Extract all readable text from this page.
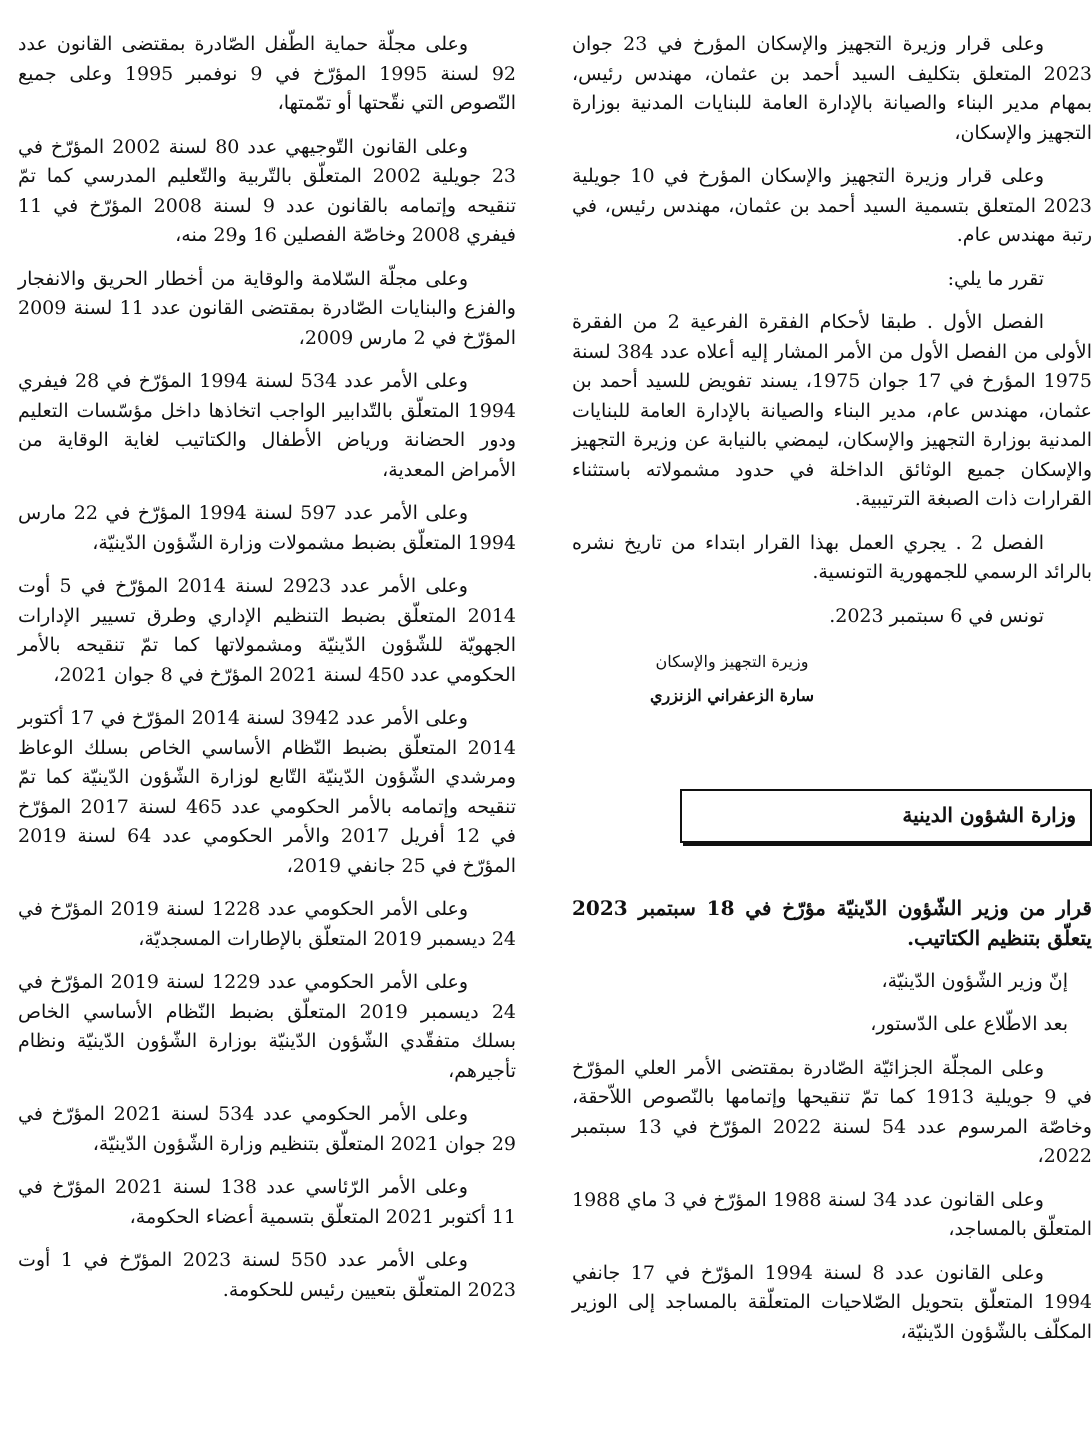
وعلى مجلّة حماية الطّفل الصّادرة بمقتضى القانون عدد 92 لسنة 1995 المؤرّخ في 9 نوفمبر 1995 وعلى جميع النّصوص التي نقّحتها أو تمّمتها،

وعلى القانون التّوجيهي عدد 80 لسنة 2002 المؤرّخ في 23 جويلية 2002 المتعلّق بالتّربية والتّعليم المدرسي كما تمّ تنقيحه وإتمامه بالقانون عدد 9 لسنة 2008 المؤرّخ في 11 فيفري 2008 وخاصّة الفصلين 16 و29 منه،

وعلى مجلّة السّلامة والوقاية من أخطار الحريق والانفجار والفزع والبنايات الصّادرة بمقتضى القانون عدد 11 لسنة 2009 المؤرّخ في 2 مارس 2009،

وعلى الأمر عدد 534 لسنة 1994 المؤرّخ في 28 فيفري 1994 المتعلّق بالتّدابير الواجب اتخاذها داخل مؤسّسات التعليم ودور الحضانة ورياض الأطفال والكتاتيب لغاية الوقاية من الأمراض المعدية،

وعلى الأمر عدد 597 لسنة 1994 المؤرّخ في 22 مارس 1994 المتعلّق بضبط مشمولات وزارة الشّؤون الدّينيّة،

وعلى الأمر عدد 2923 لسنة 2014 المؤرّخ في 5 أوت 2014 المتعلّق بضبط التنظيم الإداري وطرق تسيير الإدارات الجهويّة للشّؤون الدّينيّة ومشمولاتها كما تمّ تنقيحه بالأمر الحكومي عدد 450 لسنة 2021 المؤرّخ في 8 جوان 2021،

وعلى الأمر عدد 3942 لسنة 2014 المؤرّخ في 17 أكتوبر 2014 المتعلّق بضبط النّظام الأساسي الخاص بسلك الوعاظ ومرشدي الشّؤون الدّينيّة التّابع لوزارة الشّؤون الدّينيّة كما تمّ تنقيحه وإتمامه بالأمر الحكومي عدد 465 لسنة 2017 المؤرّخ في 12 أفريل 2017 والأمر الحكومي عدد 64 لسنة 2019 المؤرّخ في 25 جانفي 2019،

وعلى الأمر الحكومي عدد 1228 لسنة 2019 المؤرّخ في 24 ديسمبر 2019 المتعلّق بالإطارات المسجديّة،

وعلى الأمر الحكومي عدد 1229 لسنة 2019 المؤرّخ في 24 ديسمبر 2019 المتعلّق بضبط النّظام الأساسي الخاص بسلك متفقّدي الشّؤون الدّينيّة بوزارة الشّؤون الدّينيّة ونظام تأجيرهم،

وعلى الأمر الحكومي عدد 534 لسنة 2021 المؤرّخ في 29 جوان 2021 المتعلّق بتنظيم وزارة الشّؤون الدّينيّة،

وعلى الأمر الرّئاسي عدد 138 لسنة 2021 المؤرّخ في 11 أكتوبر 2021 المتعلّق بتسمية أعضاء الحكومة،

وعلى الأمر عدد 550 لسنة 2023 المؤرّخ في 1 أوت 2023 المتعلّق بتعيين رئيس للحكومة.

وعلى قرار وزيرة التجهيز والإسكان المؤرخ في 23 جوان 2023 المتعلق بتكليف السيد أحمد بن عثمان، مهندس رئيس، بمهام مدير البناء والصيانة بالإدارة العامة للبنايات المدنية بوزارة التجهيز والإسكان،

وعلى قرار وزيرة التجهيز والإسكان المؤرخ في 10 جويلية 2023 المتعلق بتسمية السيد أحمد بن عثمان، مهندس رئيس، في رتبة مهندس عام.

تقرر ما يلي:

الفصل الأول . طبقا لأحكام الفقرة الفرعية 2 من الفقرة الأولى من الفصل الأول من الأمر المشار إليه أعلاه عدد 384 لسنة 1975 المؤرخ في 17 جوان 1975، يسند تفويض للسيد أحمد بن عثمان، مهندس عام، مدير البناء والصيانة بالإدارة العامة للبنايات المدنية بوزارة التجهيز والإسكان، ليمضي بالنيابة عن وزيرة التجهيز والإسكان جميع الوثائق الداخلة في حدود مشمولاته باستثناء القرارات ذات الصبغة الترتيبية.

الفصل 2 . يجري العمل بهذا القرار ابتداء من تاريخ نشره بالرائد الرسمي للجمهورية التونسية.

تونس في 6 سبتمبر 2023.

وزيرة التجهيز والإسكان
سارة الزعفراني الزنزري
وزارة الشؤون الدينية

قرار من وزير الشّؤون الدّينيّة مؤرّخ في 18 سبتمبر 2023 يتعلّق بتنظيم الكتاتيب.

إنّ وزير الشّؤون الدّينيّة،

بعد الاطّلاع على الدّستور،

وعلى المجلّة الجزائيّة الصّادرة بمقتضى الأمر العلي المؤرّخ في 9 جويلية 1913 كما تمّ تنقيحها وإتمامها بالنّصوص اللاّحقة، وخاصّة المرسوم عدد 54 لسنة 2022 المؤرّخ في 13 سبتمبر 2022،

وعلى القانون عدد 34 لسنة 1988 المؤرّخ في 3 ماي 1988 المتعلّق بالمساجد،

وعلى القانون عدد 8 لسنة 1994 المؤرّخ في 17 جانفي 1994 المتعلّق بتحويل الصّلاحيات المتعلّقة بالمساجد إلى الوزير المكلّف بالشّؤون الدّينيّة،
